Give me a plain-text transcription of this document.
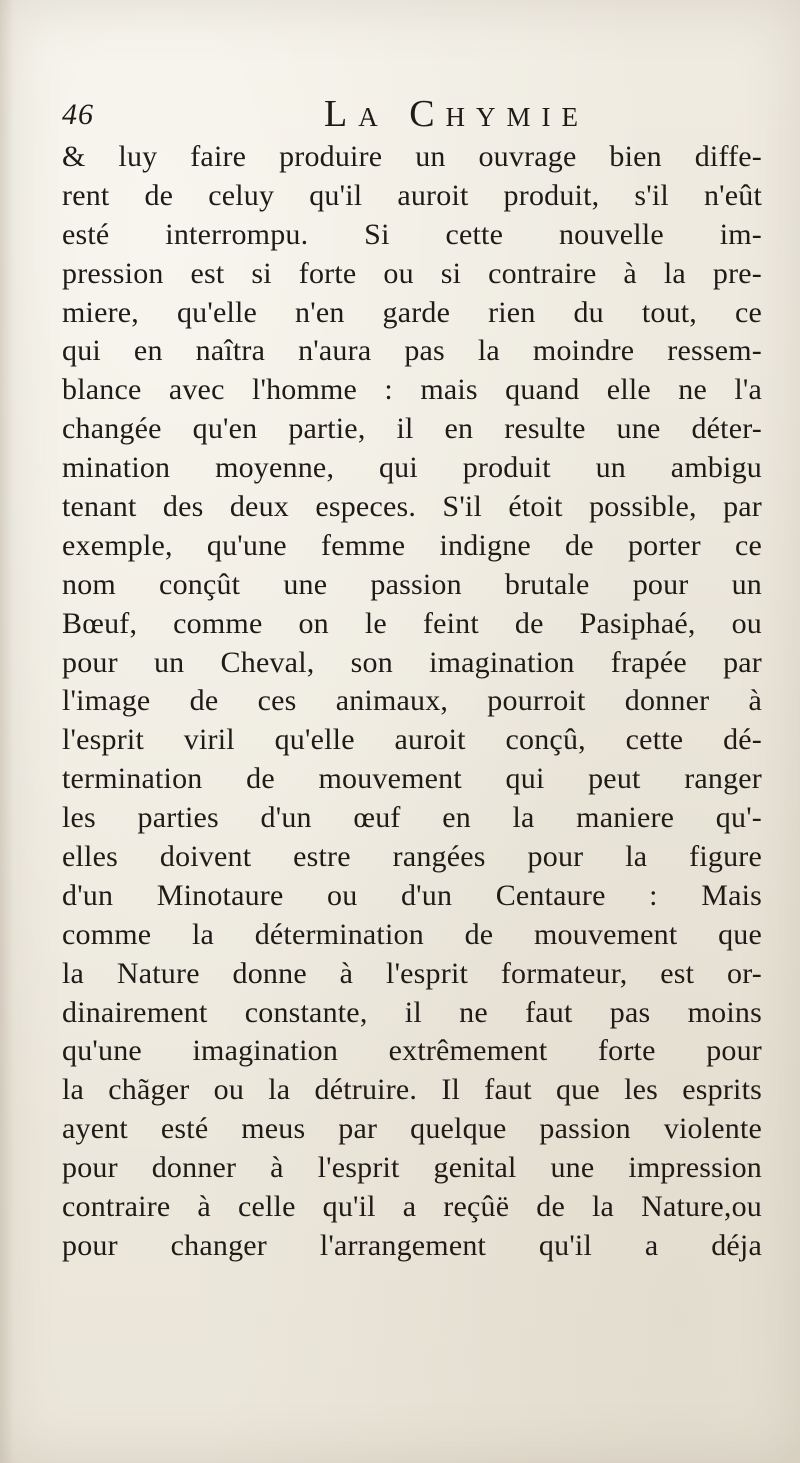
46	La Chymie
& luy faire produire un ouvrage bien diffe-
rent de celuy qu'il auroit produit, s'il n'eût
esté interrompu. Si cette nouvelle im-
pression est si forte ou si contraire à la pre-
miere, qu'elle n'en garde rien du tout, ce
qui en naîtra n'aura pas la moindre ressem-
blance avec l'homme : mais quand elle ne l'a
changée qu'en partie, il en resulte une déter-
mination moyenne, qui produit un ambigu
tenant des deux especes. S'il étoit possible, par
exemple, qu'une femme indigne de porter ce
nom conçût une passion brutale pour un
Bœuf, comme on le feint de Pasiphaé, ou
pour un Cheval, son imagination frapée par
l'image de ces animaux, pourroit donner à
l'esprit viril qu'elle auroit conçû, cette dé-
termination de mouvement qui peut ranger
les parties d'un œuf en la maniere qu'-
elles doivent estre rangées pour la figure
d'un Minotaure ou d'un Centaure : Mais
comme la détermination de mouvement que
la Nature donne à l'esprit formateur, est or-
dinairement constante, il ne faut pas moins
qu'une imagination extrêmement forte pour
la chãger ou la détruire. Il faut que les esprits
ayent esté meus par quelque passion violente
pour donner à l'esprit genital une impression
contraire à celle qu'il a reçûë de la Nature,ou
pour changer l'arrangement qu'il a déja
